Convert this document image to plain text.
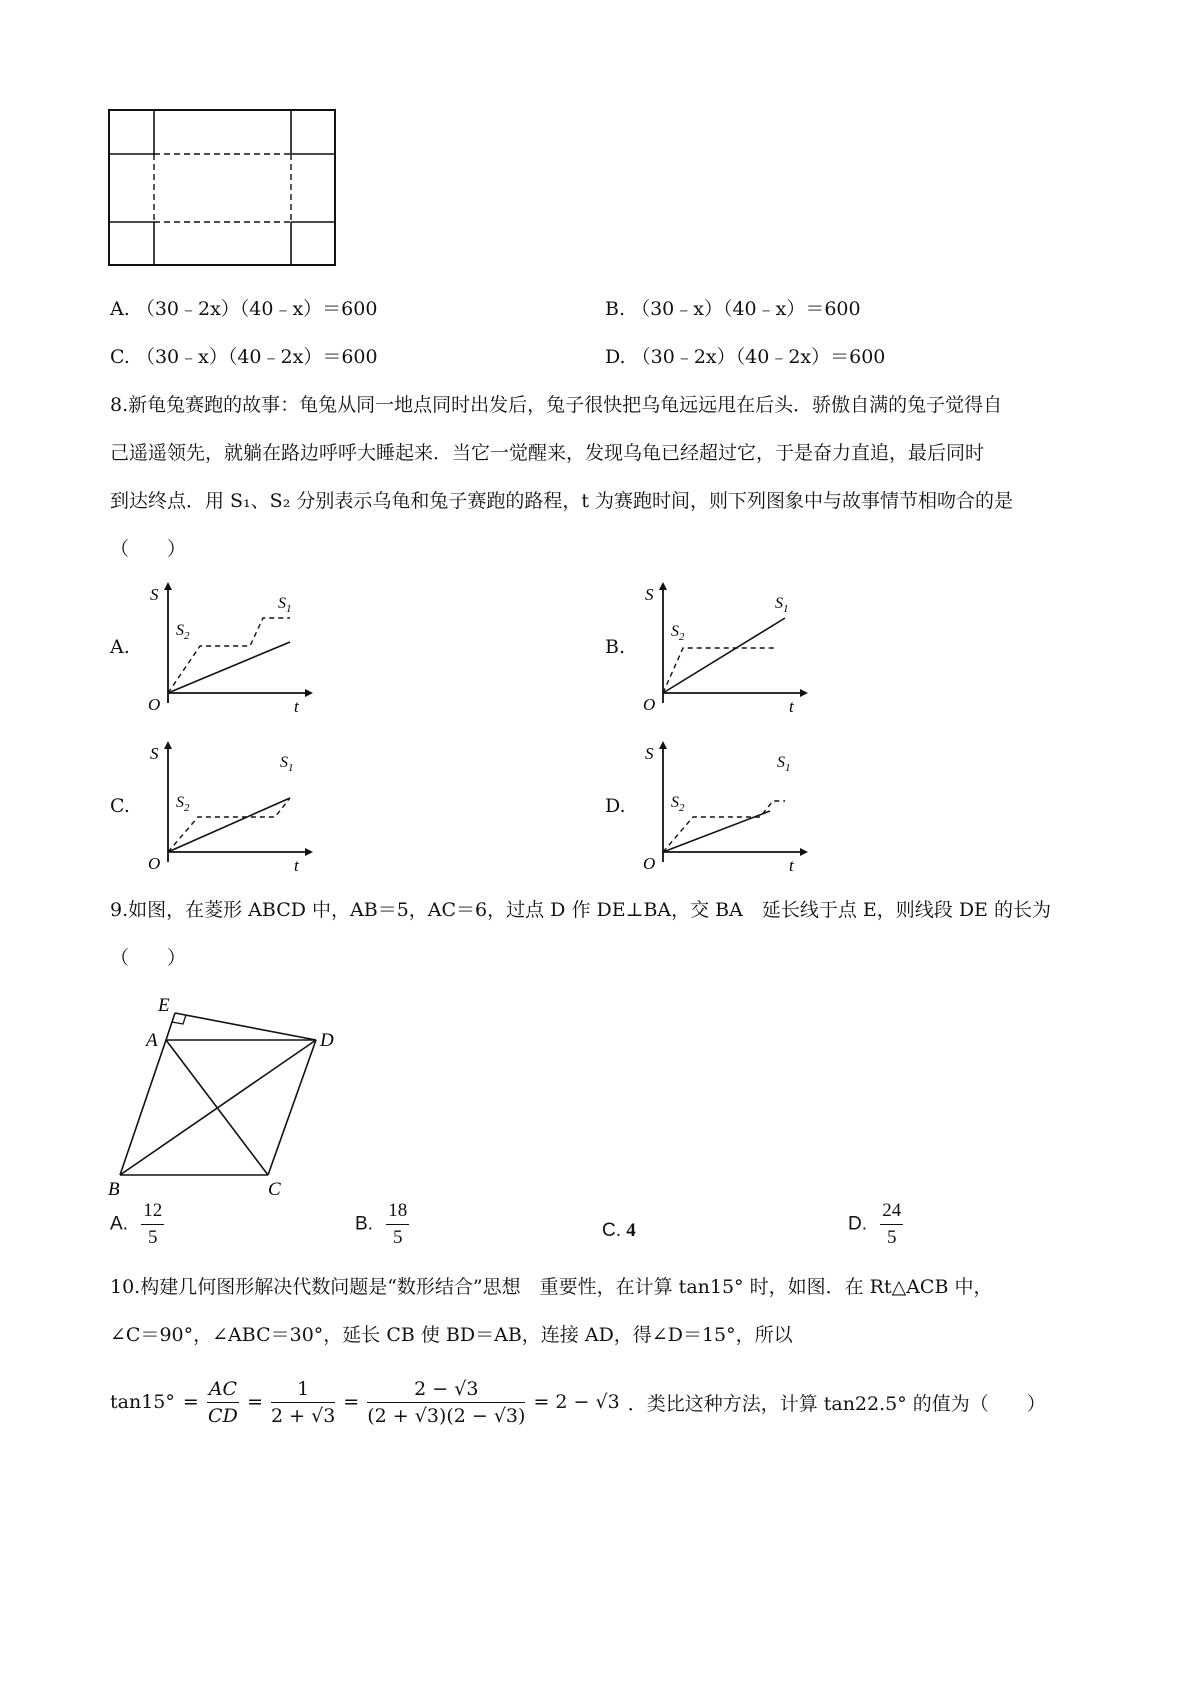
A. （30﹣2x）（40﹣x）＝600	B. （30﹣x）（40﹣x）＝600
C. （30﹣x）（40﹣2x）＝600	D. （30﹣2x）（40﹣2x）＝600
8.新龟兔赛跑的故事：龟兔从同一地点同时出发后，兔子很快把乌龟远远甩在后头．骄傲自满的兔子觉得自
己遥遥领先，就躺在路边呼呼大睡起来．当它一觉醒来，发现乌龟已经超过它，于是奋力直追，最后同时
到达终点．用 S₁、S₂ 分别表示乌龟和兔子赛跑的路程，t 为赛跑时间，则下列图象中与故事情节相吻合的是
（　　）
A.
S
$S_2$
$S_1$
O	t
B.
S
$S_2$
$S_1$
O	t
C.
S
$S_2$
$S_1$
O	t
D.
S
$S_2$
$S_1$
O	t
9.如图，在菱形 ABCD 中，AB＝5，AC＝6，过点 D 作 DE⊥BA，交 BA　延长线于点 E，则线段 DE 的长为
（　　）
E
A	D
B	C
A. $\frac{12}{5}$	B. $\frac{18}{5}$	C. 4	D. $\frac{24}{5}$
10.构建几何图形解决代数问题是“数形结合”思想　重要性，在计算 tan15° 时，如图．在 Rt△ACB 中，
∠C＝90°，∠ABC＝30°，延长 CB 使 BD＝AB，连接 AD，得∠D＝15°，所以
$\tan 15^\circ = \frac{AC}{CD} = \frac{1}{2 + √3} = \frac{2 - √3}{(2 + √3)(2 - √3)} = 2 - √3$ ．类比这种方法，计算 tan22.5° 的值为（　　）
